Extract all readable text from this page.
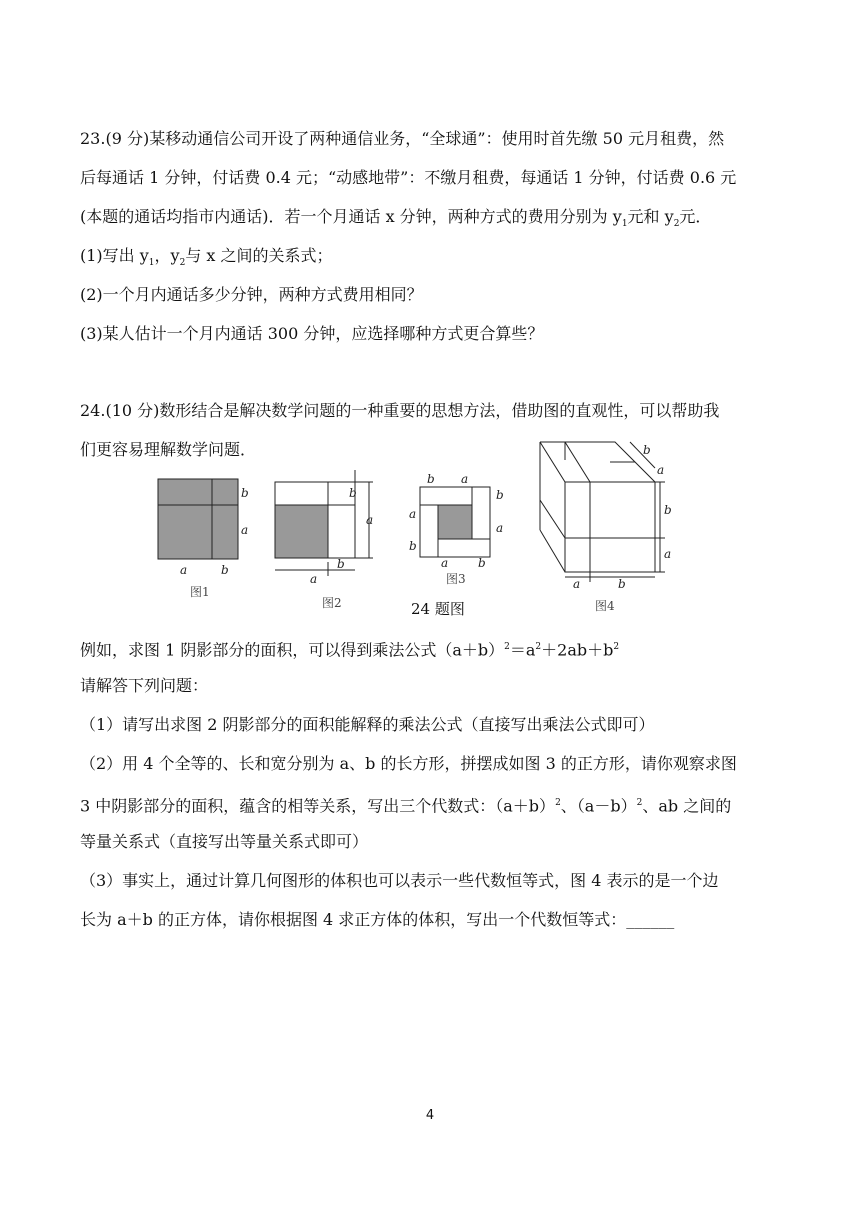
23.(9 分)某移动通信公司开设了两种通信业务，“全球通”：使用时首先缴 50 元月租费，然
后每通话 1 分钟，付话费 0.4 元；“动感地带”：不缴月租费，每通话 1 分钟，付话费 0.6 元
(本题的通话均指市内通话)．若一个月通话 x 分钟，两种方式的费用分别为 $y_1$元和 $y_2$元．
(1)写出 $y_1$，$y_2$与 x 之间的关系式；
(2)一个月内通话多少分钟，两种方式费用相同？
(3)某人估计一个月内通话 300 分钟，应选择哪种方式更合算些？
24.(10 分)数形结合是解决数学问题的一种重要的思想方法，借助图的直观性，可以帮助我
们更容易理解数学问题．
b
a
a	b
图1
b
a
a
b
图2
b a
b
a
a
b
a b
图3
b
a
b
a
a	b
图4
24 题图
例如，求图 1 阴影部分的面积，可以得到乘法公式$(a+b)^2=a^2+2ab+b^2$
请解答下列问题：
（1）请写出求图 2 阴影部分的面积能解释的乘法公式（直接写出乘法公式即可）
（2）用 4 个全等的、长和宽分别为 a、b 的长方形，拼摆成如图 3 的正方形，请你观察求图
3 中阴影部分的面积，蕴含的相等关系，写出三个代数式：$(a+b)^2$、$(a-b)^2$、ab 之间的
等量关系式（直接写出等量关系式即可）
（3）事实上，通过计算几何图形的体积也可以表示一些代数恒等式，图 4 表示的是一个边
长为 a＋b 的正方体，请你根据图 4 求正方体的体积，写出一个代数恒等式：______
4
